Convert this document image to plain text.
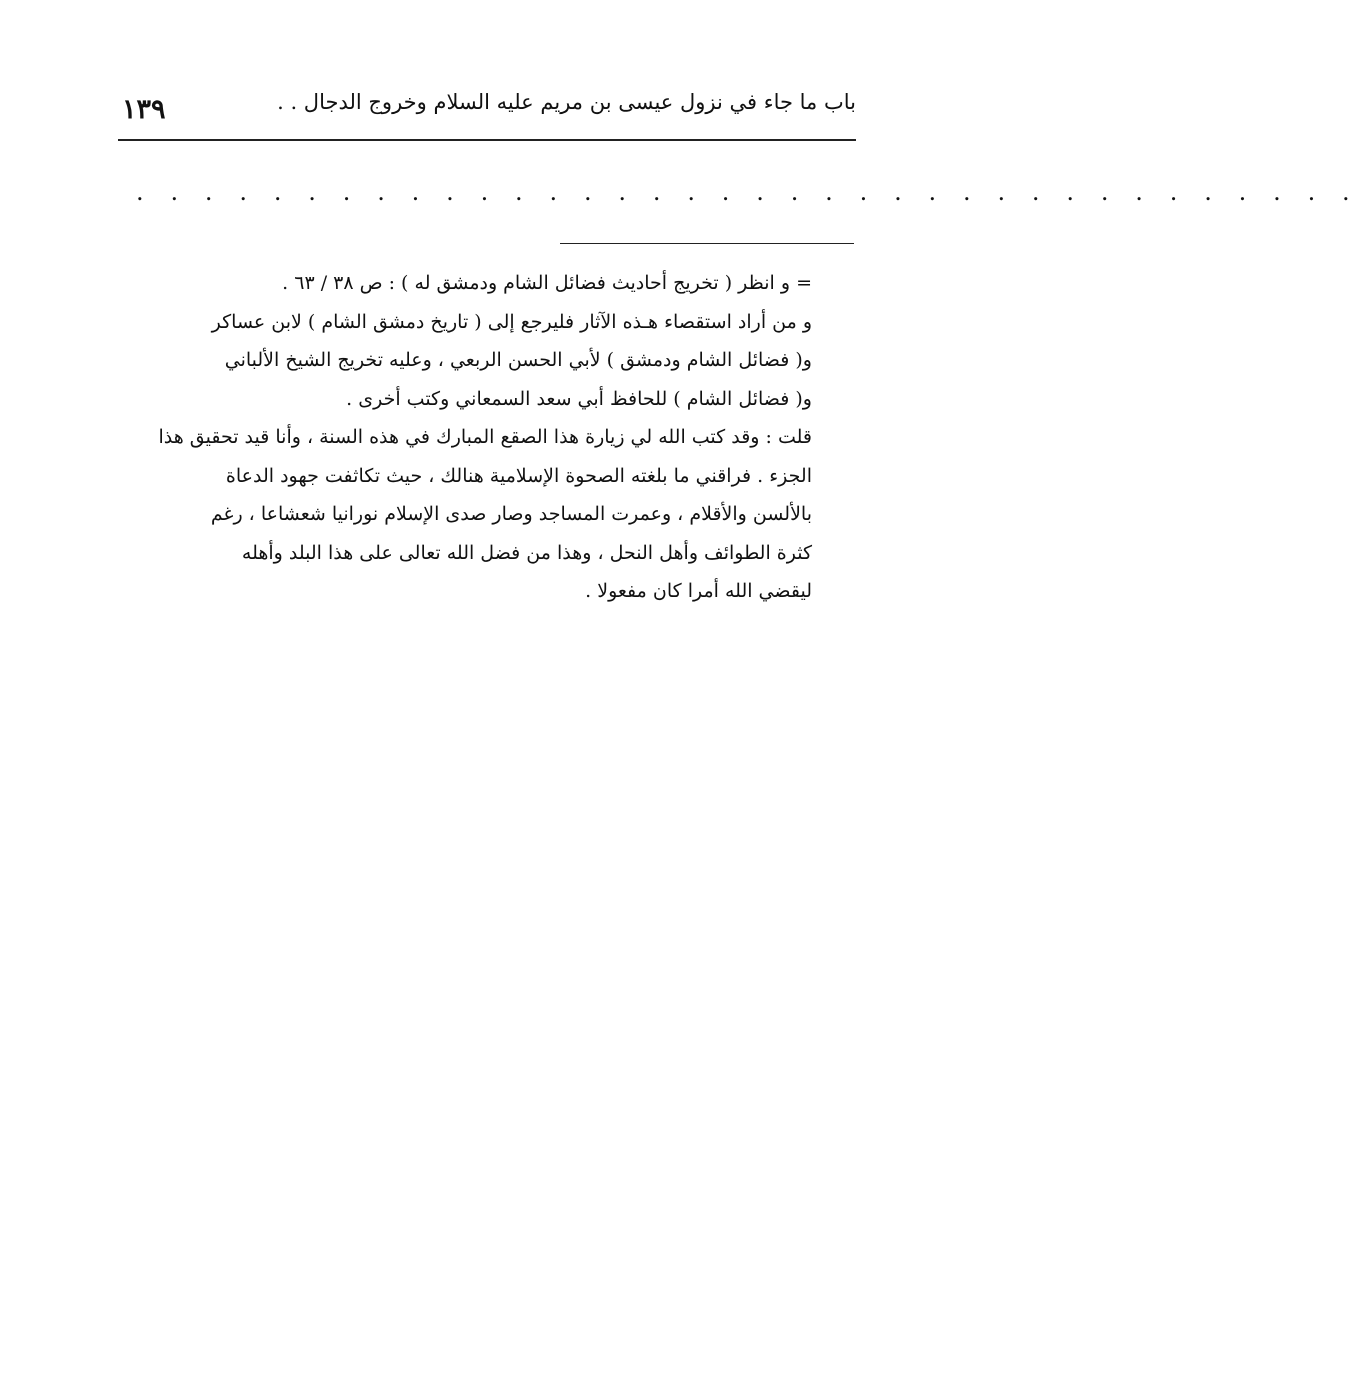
باب ما جاء في نزول عيسى بن مريم عليه السلام وخروج الدجال . .
١٣٩
. . . . . . . . . . . . . . . . . . . . . . . . . . . . . . . . . . . .

= و انظر ( تخريج أحاديث فضائل الشام ودمشق له ) : ص ٣٨ / ٦٣ .

و من أراد استقصاء هـذه الآثار فليرجع إلى ( تاريخ دمشق الشام ) لابن عساكر

و( فضائل الشام ودمشق ) لأبي الحسن الربعي ، وعليه تخريج الشيخ الألباني

و( فضائل الشام ) للحافظ أبي سعد السمعاني وكتب أخرى .

قلت : وقد كتب الله لي زيارة هذا الصقع المبارك في هذه السنة ، وأنا قيد تحقيق هذا

الجزء . فراقني ما بلغته الصحوة الإسلامية هنالك ، حيث تكاثفت جهود الدعاة

بالألسن والأقلام ، وعمرت المساجد وصار صدى الإسلام نورانيا شعشاعا ، رغم

كثرة الطوائف وأهل النحل ، وهذا من فضل الله تعالى على هذا البلد وأهله

ليقضي الله أمرا كان مفعولا .
